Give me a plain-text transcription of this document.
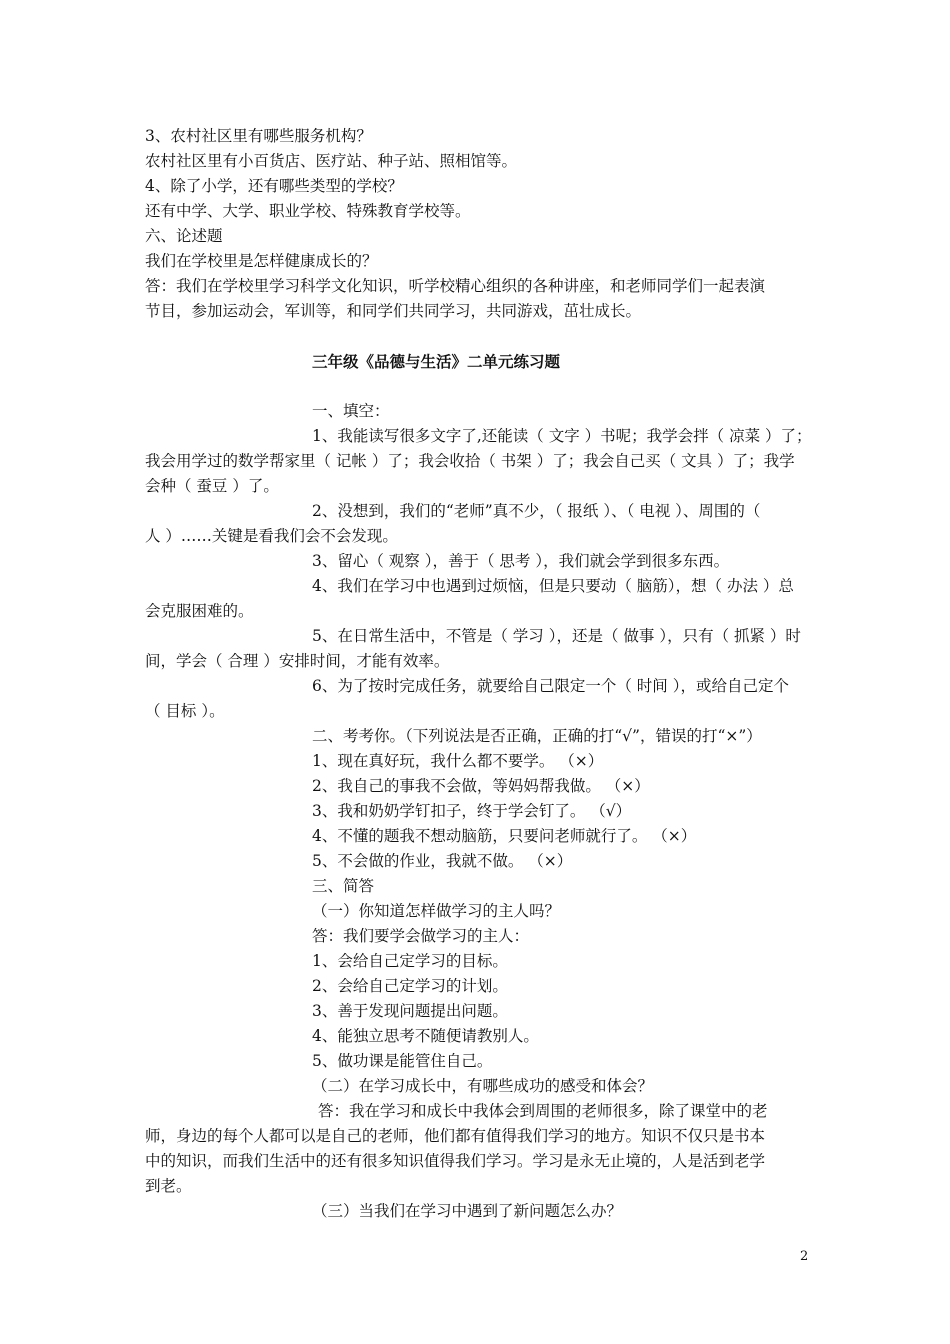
3、农村社区里有哪些服务机构？
农村社区里有小百货店、医疗站、种子站、照相馆等。
4、除了小学，还有哪些类型的学校？
还有中学、大学、职业学校、特殊教育学校等。
六、论述题
我们在学校里是怎样健康成长的？
答：我们在学校里学习科学文化知识，听学校精心组织的各种讲座，和老师同学们一起表演
节目，参加运动会，军训等，和同学们共同学习，共同游戏，茁壮成长。
三年级《品德与生活》二单元练习题
一、填空：
1、我能读写很多文字了,还能读（ 文字 ）书呢；我学会拌（ 凉菜 ）了；
我会用学过的数学帮家里（ 记帐 ）了；我会收拾（ 书架 ）了；我会自己买（ 文具 ）了；我学
会种（ 蚕豆 ）了。
2、没想到，我们的“老师”真不少，（ 报纸 ）、（ 电视 ）、周围的（
人 ）……关键是看我们会不会发现。
3、留心（ 观察 ），善于（ 思考 ），我们就会学到很多东西。
4、我们在学习中也遇到过烦恼，但是只要动（ 脑筋），想（ 办法 ）总
会克服困难的。
5、在日常生活中，不管是（ 学习 ），还是（ 做事 ），只有（ 抓紧 ）时
间，学会（ 合理 ）安排时间，才能有效率。
6、为了按时完成任务，就要给自己限定一个（ 时间 ），或给自己定个
（ 目标 ）。
二、考考你。（下列说法是否正确，正确的打“√”，错误的打“×”）
1、现在真好玩，我什么都不要学。 （×）
2、我自己的事我不会做，等妈妈帮我做。 （×）
3、我和奶奶学钉扣子，终于学会钉了。 （√）
4、不懂的题我不想动脑筋，只要问老师就行了。 （×）
5、不会做的作业，我就不做。 （×）
三、简答
（一）你知道怎样做学习的主人吗？
答：我们要学会做学习的主人：
1、会给自己定学习的目标。
2、会给自己定学习的计划。
3、善于发现问题提出问题。
4、能独立思考不随便请教别人。
5、做功课是能管住自己。
（二）在学习成长中，有哪些成功的感受和体会？
答：我在学习和成长中我体会到周围的老师很多，除了课堂中的老
师，身边的每个人都可以是自己的老师，他们都有值得我们学习的地方。知识不仅只是书本
中的知识，而我们生活中的还有很多知识值得我们学习。学习是永无止境的，人是活到老学
到老。
（三）当我们在学习中遇到了新问题怎么办？
2
